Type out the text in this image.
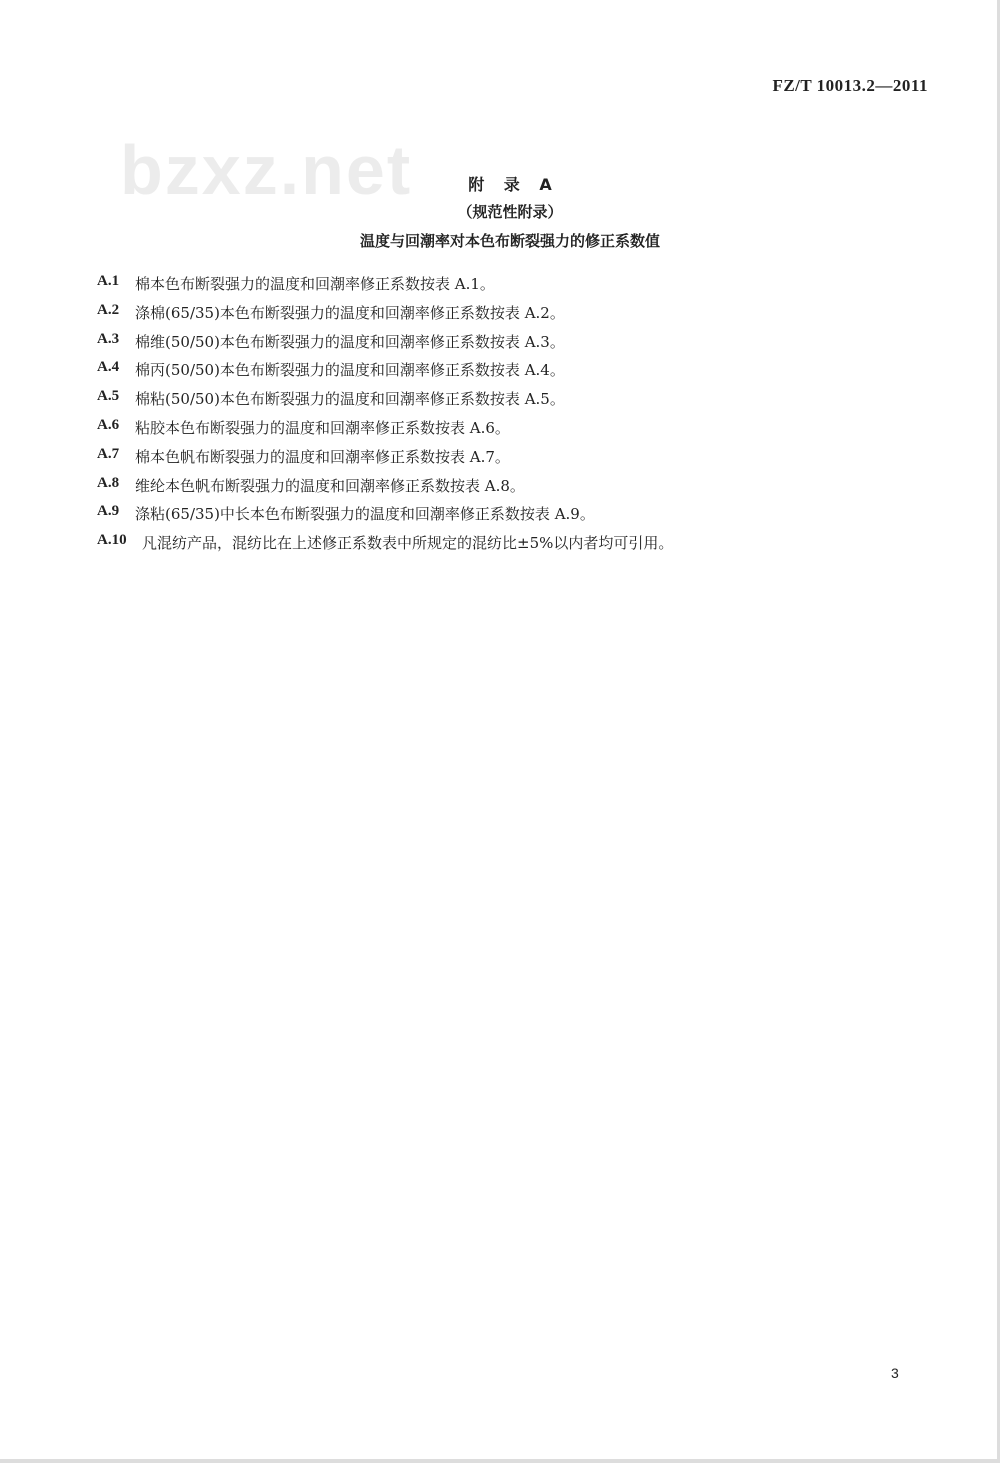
bzxz.net
FZ/T 10013.2—2011
附 录 A
（规范性附录）
温度与回潮率对本色布断裂强力的修正系数值
A.1	棉本色布断裂强力的温度和回潮率修正系数按表 A.1。
A.2	涤棉(65/35)本色布断裂强力的温度和回潮率修正系数按表 A.2。
A.3	棉维(50/50)本色布断裂强力的温度和回潮率修正系数按表 A.3。
A.4	棉丙(50/50)本色布断裂强力的温度和回潮率修正系数按表 A.4。
A.5	棉粘(50/50)本色布断裂强力的温度和回潮率修正系数按表 A.5。
A.6	粘胶本色布断裂强力的温度和回潮率修正系数按表 A.6。
A.7	棉本色帆布断裂强力的温度和回潮率修正系数按表 A.7。
A.8	维纶本色帆布断裂强力的温度和回潮率修正系数按表 A.8。
A.9	涤粘(65/35)中长本色布断裂强力的温度和回潮率修正系数按表 A.9。
A.10	凡混纺产品，混纺比在上述修正系数表中所规定的混纺比±5%以内者均可引用。
3
